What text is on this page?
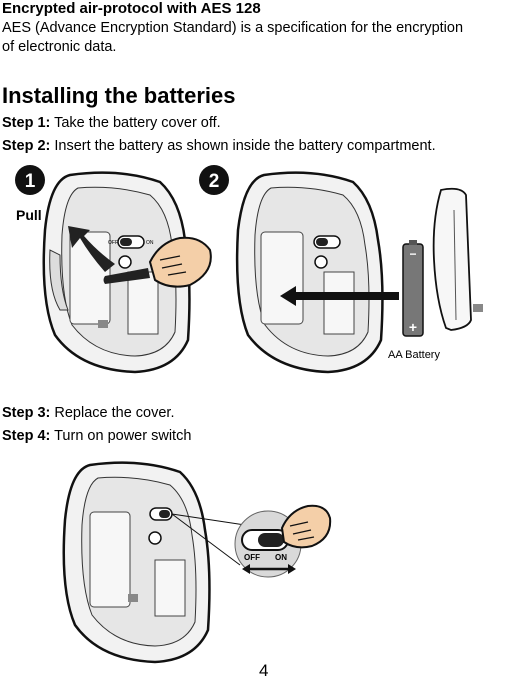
Encrypted air-protocol with AES 128
AES (Advance Encryption Standard) is a specification for the encryption
of electronic data.
Installing the batteries
Step 1: Take the battery cover off.
Step 2: Insert the battery as shown inside the battery compartment.
1
OFF	ON
Pull
2
−
+
AA Battery
Step 3: Replace the cover.
Step 4: Turn on power switch
OFF ON
4
